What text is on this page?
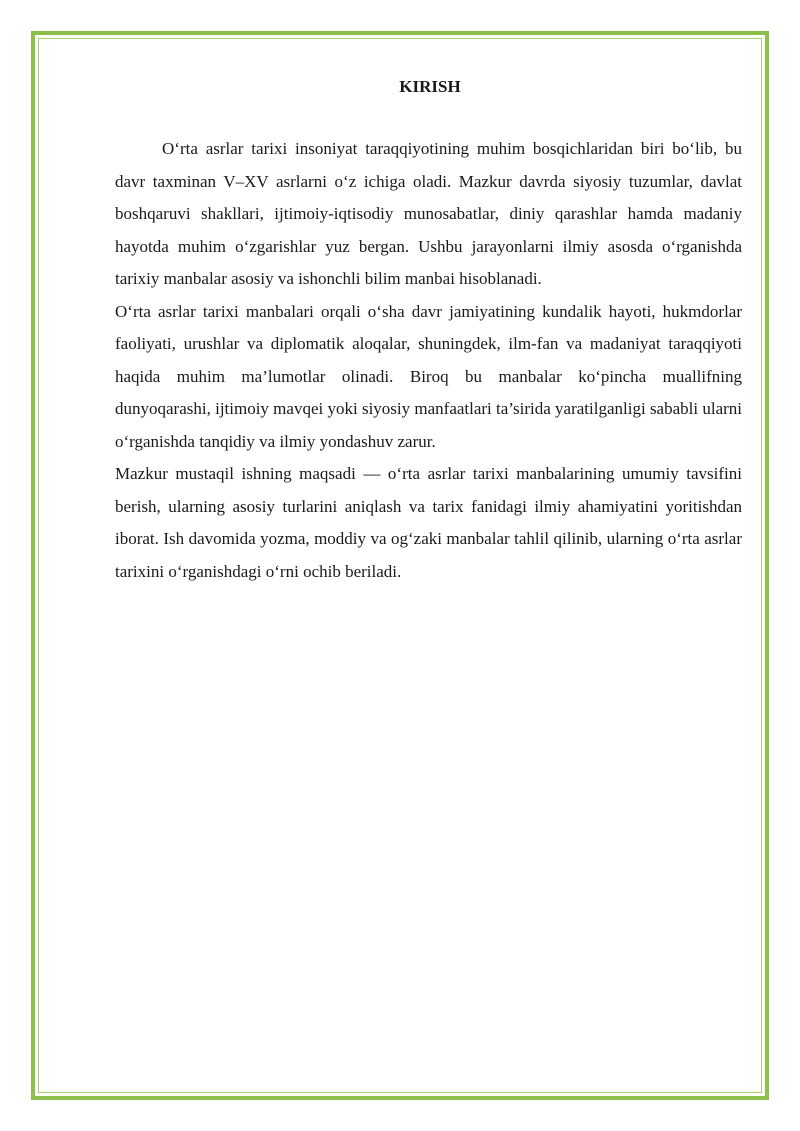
KIRISH

O‘rta asrlar tarixi insoniyat taraqqiyotining muhim bosqichlaridan biri bo‘lib, bu davr taxminan V–XV asrlarni o‘z ichiga oladi. Mazkur davrda siyosiy tuzumlar, davlat boshqaruvi shakllari, ijtimoiy-iqtisodiy munosabatlar, diniy qarashlar hamda madaniy hayotda muhim o‘zgarishlar yuz bergan. Ushbu jarayonlarni ilmiy asosda o‘rganishda tarixiy manbalar asosiy va ishonchli bilim manbai hisoblanadi.

O‘rta asrlar tarixi manbalari orqali o‘sha davr jamiyatining kundalik hayoti, hukmdorlar faoliyati, urushlar va diplomatik aloqalar, shuningdek, ilm-fan va madaniyat taraqqiyoti haqida muhim ma’lumotlar olinadi. Biroq bu manbalar ko‘pincha muallifning dunyoqarashi, ijtimoiy mavqei yoki siyosiy manfaatlari ta’sirida yaratilganligi sababli ularni o‘rganishda tanqidiy va ilmiy yondashuv zarur.

Mazkur mustaqil ishning maqsadi — o‘rta asrlar tarixi manbalarining umumiy tavsifini berish, ularning asosiy turlarini aniqlash va tarix fanidagi ilmiy ahamiyatini yoritishdan iborat. Ish davomida yozma, moddiy va og‘zaki manbalar tahlil qilinib, ularning o‘rta asrlar tarixini o‘rganishdagi o‘rni ochib beriladi.
